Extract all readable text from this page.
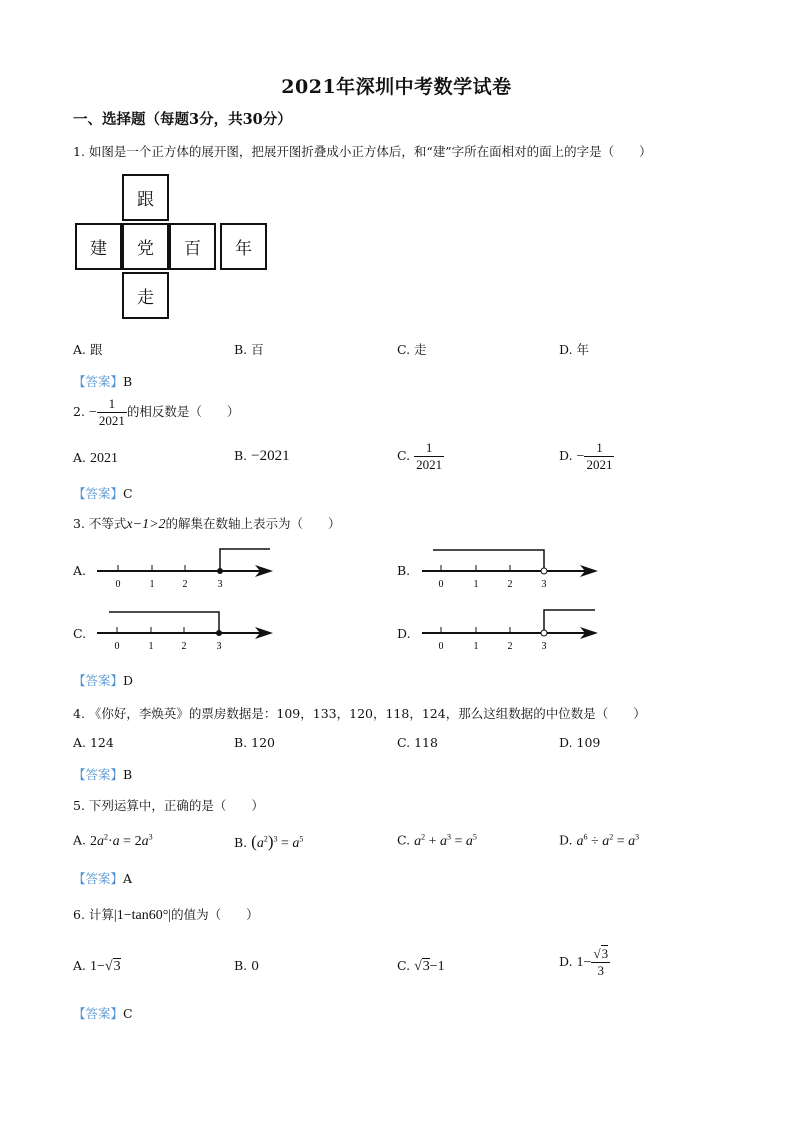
2021年深圳中考数学试卷
一、选择题（每题3分，共30分）
1. 如图是一个正方体的展开图，把展开图折叠成小正方体后，和“建”字所在面相对的面上的字是（　　）
跟
建	党	百	年
走
A. 跟	B. 百	C. 走	D. 年
【答案】B
2. − $\frac{1}{2021}$ 的相反数是（　　）
A. 2021	B. −2021	C. $\frac{1}{2021}$	D. − $\frac{1}{2021}$
【答案】C
3. 不等式x−1>2的解集在数轴上表示为（　　）
A.
0	1	2	3
B.
0	1	2	3
C.
0	1	2	3
D.
0	1	2	3
【答案】D
4. 《你好，李焕英》的票房数据是：109，133，120，118，124，那么这组数据的中位数是（　　）
A. 124	B. 120	C. 118	D. 109
【答案】B
5. 下列运算中，正确的是（　　）
A. $2a^2\cdot a = 2a^3$	B. $(a^2)^3 = a^5$	C. $a^2 + a^3 = a^5$	D. $a^6 \div a^2 = a^3$
【答案】A
6. 计算|1−tan60°|的值为（　　）
A. 1−√3	B. 0	C. √3−1	D. $1- \frac{√3}{3}$
【答案】C
